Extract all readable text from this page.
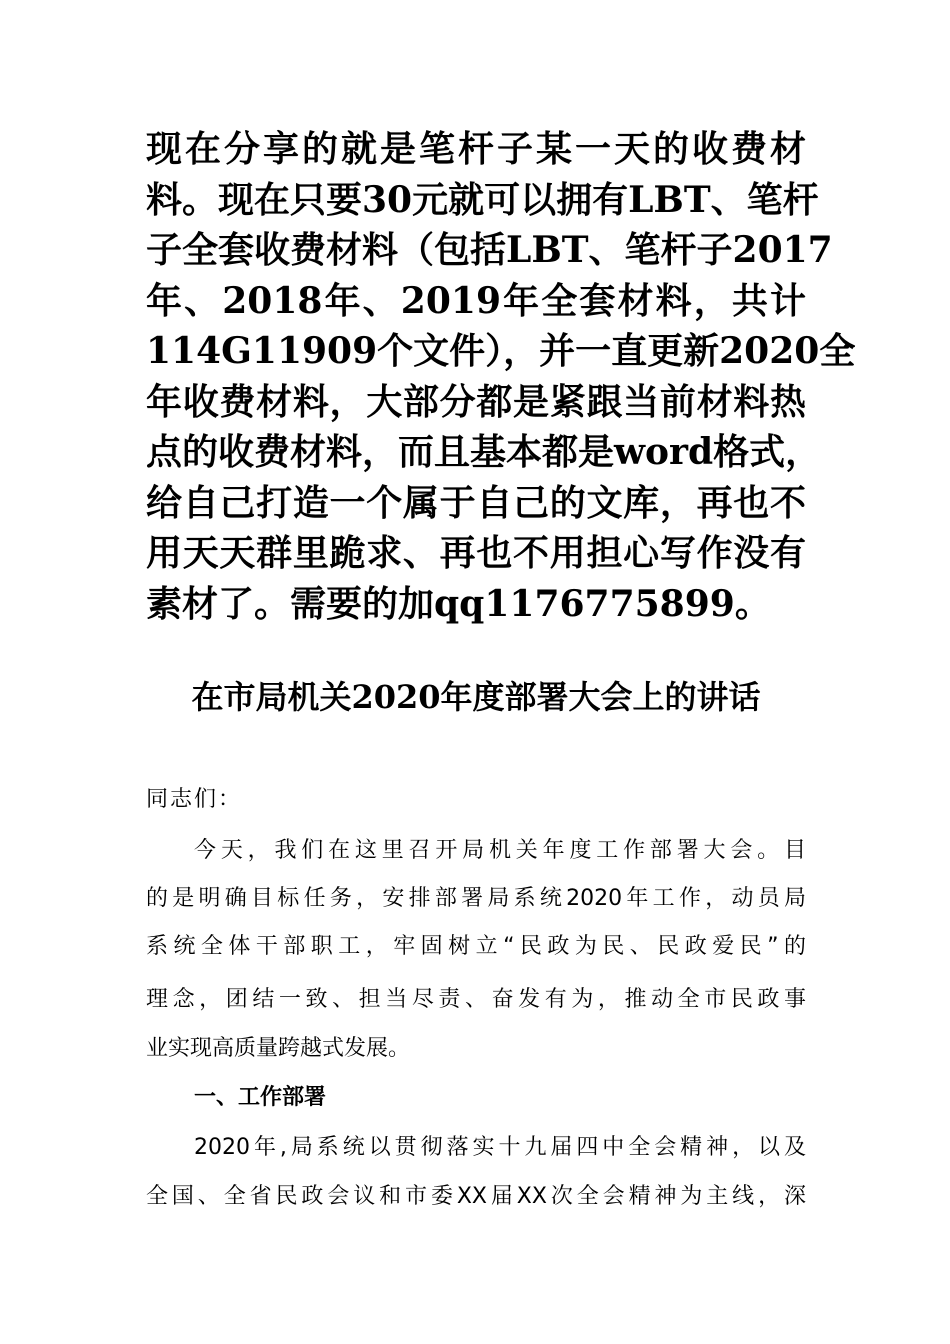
现在分享的就是笔杆子某一天的收费材
料。现在只要30元就可以拥有LBT、笔杆
子全套收费材料（包括LBT、笔杆子2017
年、2018年、2019年全套材料，共计
114G11909个文件），并一直更新2020全
年收费材料，大部分都是紧跟当前材料热
点的收费材料，而且基本都是word格式，
给自己打造一个属于自己的文库，再也不
用天天群里跪求、再也不用担心写作没有
素材了。需要的加qq1176775899。
在市局机关2020年度部署大会上的讲话
同志们：
今天，我们在这里召开局机关年度工作部署大会。目
的是明确目标任务，安排部署局系统2020年工作，动员局
系统全体干部职工，牢固树立“民政为民、民政爱民”的
理念，团结一致、担当尽责、奋发有为，推动全市民政事
业实现高质量跨越式发展。
一、工作部署
2020年,局系统以贯彻落实十九届四中全会精神，以及
全国、全省民政会议和市委XX届XX次全会精神为主线，深
